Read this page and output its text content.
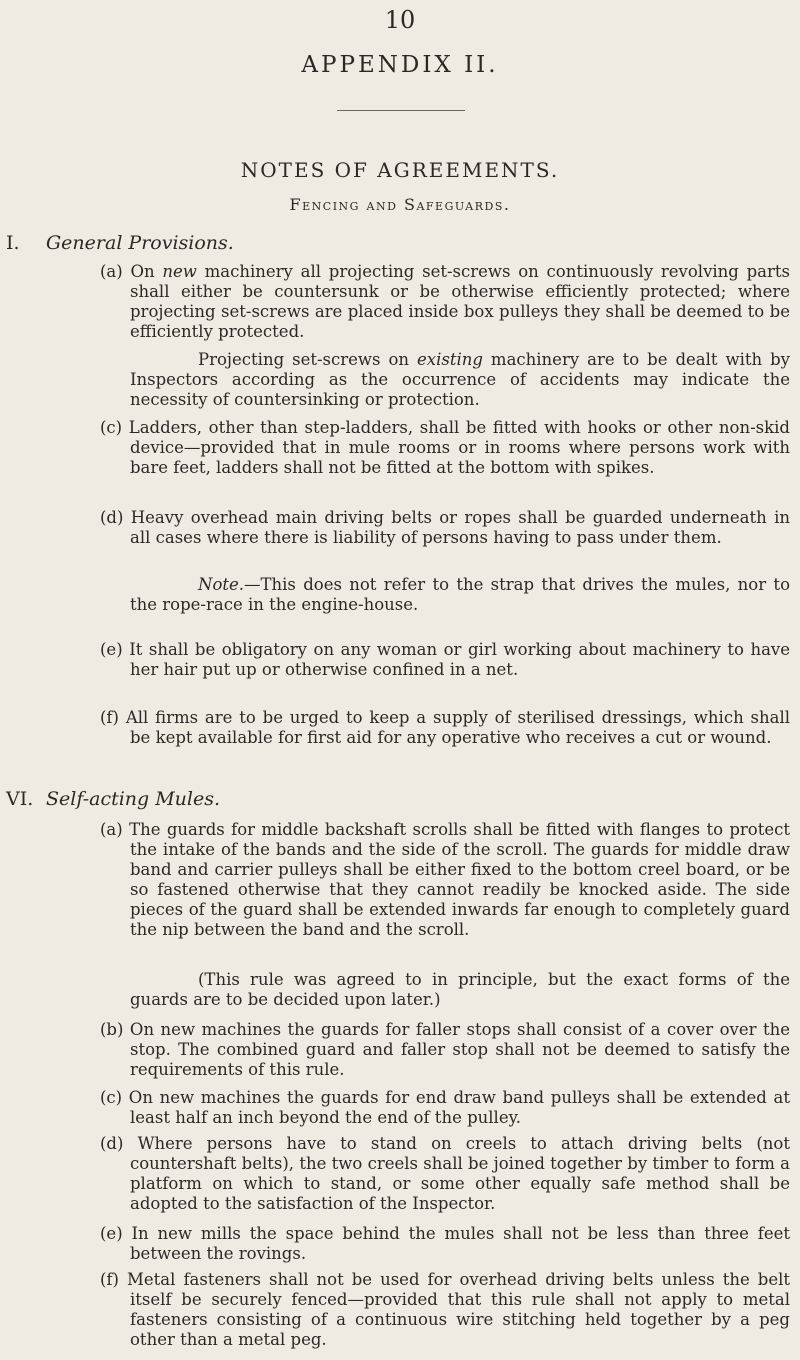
10
APPENDIX II.
NOTES OF AGREEMENTS.
Fencing and Safeguards.
I. General Provisions.
(a) On new machinery all projecting set-screws on continuously revolving parts shall either be countersunk or be otherwise efficiently protected; where projecting set-screws are placed inside box pulleys they shall be deemed to be efficiently protected.
Projecting set-screws on existing machinery are to be dealt with by Inspectors according as the occurrence of accidents may indicate the necessity of countersinking or protection.
(c) Ladders, other than step-ladders, shall be fitted with hooks or other non-skid device—provided that in mule rooms or in rooms where persons work with bare feet, ladders shall not be fitted at the bottom with spikes.
(d) Heavy overhead main driving belts or ropes shall be guarded underneath in all cases where there is liability of persons having to pass under them.
Note.—This does not refer to the strap that drives the mules, nor to the rope-race in the engine-house.
(e) It shall be obligatory on any woman or girl working about machinery to have her hair put up or otherwise confined in a net.
(f) All firms are to be urged to keep a supply of sterilised dressings, which shall be kept available for first aid for any operative who receives a cut or wound.
VI. Self-acting Mules.
(a) The guards for middle backshaft scrolls shall be fitted with flanges to protect the intake of the bands and the side of the scroll. The guards for middle draw band and carrier pulleys shall be either fixed to the bottom creel board, or be so fastened otherwise that they cannot readily be knocked aside. The side pieces of the guard shall be extended inwards far enough to completely guard the nip between the band and the scroll.
(This rule was agreed to in principle, but the exact forms of the guards are to be decided upon later.)
(b) On new machines the guards for faller stops shall consist of a cover over the stop. The combined guard and faller stop shall not be deemed to satisfy the requirements of this rule.
(c) On new machines the guards for end draw band pulleys shall be extended at least half an inch beyond the end of the pulley.
(d) Where persons have to stand on creels to attach driving belts (not countershaft belts), the two creels shall be joined together by timber to form a platform on which to stand, or some other equally safe method shall be adopted to the satisfaction of the Inspector.
(e) In new mills the space behind the mules shall not be less than three feet between the rovings.
(f) Metal fasteners shall not be used for overhead driving belts unless the belt itself be securely fenced—provided that this rule shall not apply to metal fasteners consisting of a continuous wire stitching held together by a peg other than a metal peg.
